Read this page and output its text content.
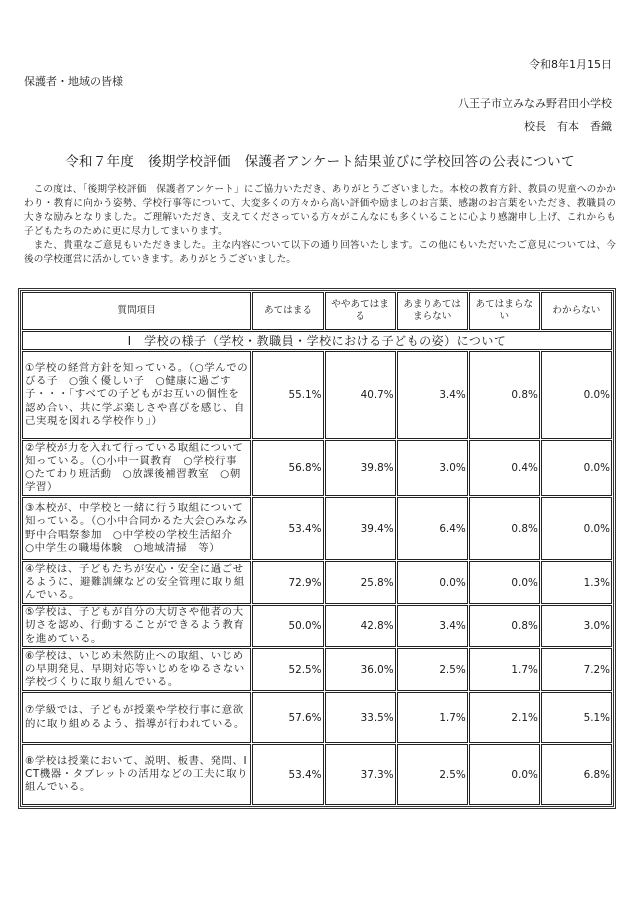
令和8年1月15日
保護者・地域の皆様
八王子市立みなみ野君田小学校
校長　有本　香織
令和７年度　後期学校評価　保護者アンケート結果並びに学校回答の公表について

この度は、「後期学校評価　保護者アンケート」にご協力いただき、ありがとうございました。本校の教育方針、教員の児童へのかかわり・教育に向かう姿勢、学校行事等について、大変多くの方々から高い評価や励ましのお言葉、感謝のお言葉をいただき、教職員の大きな励みとなりました。ご理解いただき、支えてくださっている方々がこんなにも多くいることに心より感謝申し上げ、これからも子どもたちのために更に尽力してまいります。

また、貴重なご意見もいただきました。主な内容について以下の通り回答いたします。この他にもいただいたご意見については、今後の学校運営に活かしていきます。ありがとうございました。

質問項目	あてはまる	ややあてはまる	あまりあてはまらない	あてはまらない	わからない
Ⅰ　学校の様子（学校・教職員・学校における子どもの姿）について					
①学校の経営方針を知っている。（○学んでのびる子　○強く優しい子　○健康に過ごす子・・・「すべての子どもがお互いの個性を認め合い、共に学ぶ楽しさや喜びを感じ、自己実現を図れる学校作り」）	55.1%	40.7%	3.4%	0.8%	0.0%
②学校が力を入れて行っている取組について知っている。（○小中一貫教育　○学校行事　○たてわり班活動　○放課後補習教室　○朝学習）	56.8%	39.8%	3.0%	0.4%	0.0%
③本校が、中学校と一緒に行う取組について知っている。（○小中合同かるた大会○みなみ野中合唱祭参加　○中学校の学校生活紹介　○中学生の職場体験　○地域清掃　等）	53.4%	39.4%	6.4%	0.8%	0.0%
④学校は、子どもたちが安心・安全に過ごせるように、避難訓練などの安全管理に取り組んでいる。	72.9%	25.8%	0.0%	0.0%	1.3%
⑤学校は、子どもが自分の大切さや他者の大切さを認め、行動することができるよう教育を進めている。	50.0%	42.8%	3.4%	0.8%	3.0%
⑥学校は、いじめ未然防止への取組、いじめの早期発見、早期対応等いじめをゆるさない学校づくりに取り組んでいる。	52.5%	36.0%	2.5%	1.7%	7.2%
⑦学級では、子どもが授業や学校行事に意欲的に取り組めるよう、指導が行われている。	57.6%	33.5%	1.7%	2.1%	5.1%
⑧学校は授業において、説明、板書、発問、ICT機器・タブレットの活用などの工夫に取り組んでいる。	53.4%	37.3%	2.5%	0.0%	6.8%
